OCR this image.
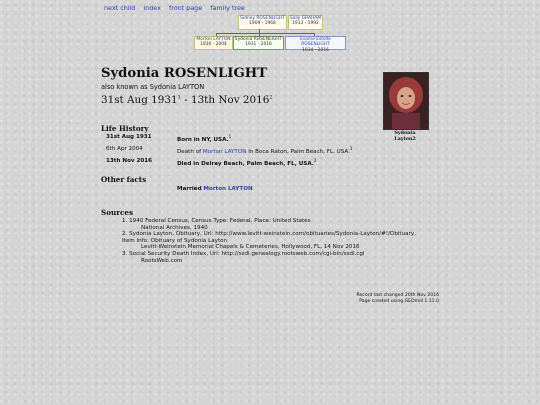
next child index front page family tree
Sidney ROSENLIGHT
1909 - 1968
Sally GRAHAM
1913 - 1992
Morton LAYTON
1930 - 2004
Sydonia ROSENLIGHT
1931 - 2016
Esame Estelle ROSENLIGHT
1934 - 2016
Sydonia ROSENLIGHT
also known as Sydonia LAYTON
31st Aug 1931$^1$ - 13th Nov 2016$^2$
Sydonia Layton2
Life History
31st Aug 1931	Born in NY, USA.$^1$
6th Apr 2004	Death of Morton LAYTON in Boca Raton, Palm Beach, FL, USA.$^3$
13th Nov 2016	Died in Delray Beach, Palm Beach, FL, USA.$^2$
Other facts
Married Morton LAYTON
Sources
1. 1940 Federal Census, Census Type: Federal, Place: United States
National Archives, 1940
2. Sydonia Layton, Obituary, Url: http://www.levitt-weinstein.com/obituaries/Sydonia-Layton/#!/Obituary,
Item Info: Obituary of Sydonia Layton
Levitt-Weinstein Memorial Chapels & Cemeteries, Hollywood, FL, 14 Nov 2016
3. Social Security Death Index, Url: http://ssdi.genealogy.rootsweb.com/cgi-bin/ssdi.cgi
RootsWeb.com
Record last changed 20th Nov 2016
Page created using GEDmill 1.11.0
